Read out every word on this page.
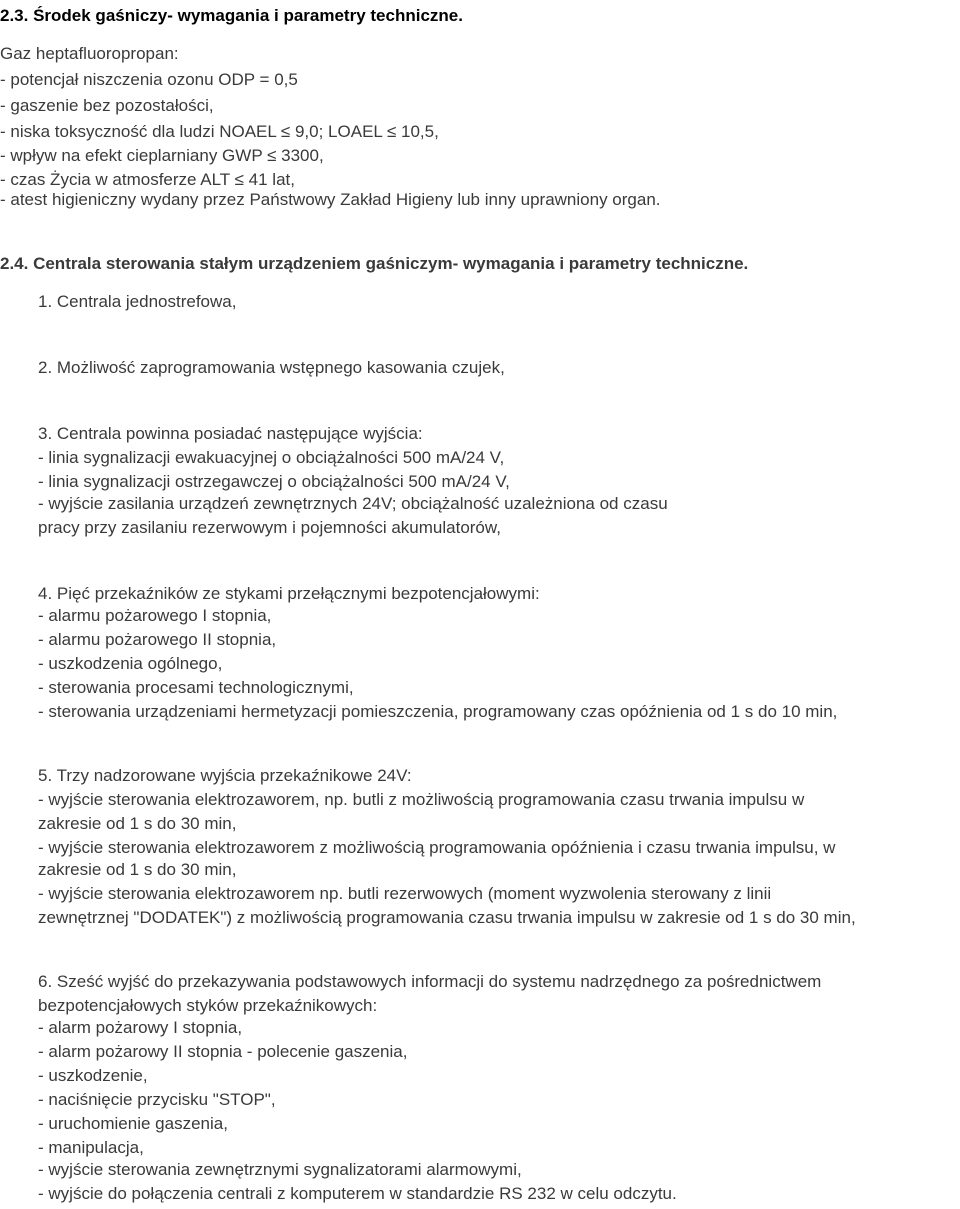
2.3. Środek gaśniczy- wymagania i parametry techniczne.
Gaz heptafluoropropan:
- potencjał niszczenia ozonu ODP = 0,5
- gaszenie bez pozostałości,
- niska toksyczność dla ludzi NOAEL ≤ 9,0; LOAEL ≤ 10,5,
- wpływ na efekt cieplarniany GWP ≤ 3300,
- czas Życia w atmosferze ALT ≤ 41 lat,
- atest higieniczny wydany przez Państwowy Zakład Higieny lub inny uprawniony organ.
2.4. Centrala sterowania stałym urządzeniem gaśniczym- wymagania i parametry techniczne.
1. Centrala jednostrefowa,
2. Możliwość zaprogramowania wstępnego kasowania czujek,
3. Centrala powinna posiadać następujące wyjścia:
- linia sygnalizacji ewakuacyjnej o obciążalności 500 mA/24 V,
- linia sygnalizacji ostrzegawczej o obciążalności 500 mA/24 V,
- wyjście zasilania urządzeń zewnętrznych 24V; obciążalność uzależniona od czasu
pracy przy zasilaniu rezerwowym i pojemności akumulatorów,
4. Pięć przekaźników ze stykami przełącznymi bezpotencjałowymi:
- alarmu pożarowego I stopnia,
- alarmu pożarowego II stopnia,
- uszkodzenia ogólnego,
- sterowania procesami technologicznymi,
- sterowania urządzeniami hermetyzacji pomieszczenia, programowany czas opóźnienia od 1 s do 10 min,
5. Trzy nadzorowane wyjścia przekaźnikowe 24V:
- wyjście sterowania elektrozaworem, np. butli z możliwością programowania czasu trwania impulsu w
zakresie od 1 s do 30 min,
- wyjście sterowania elektrozaworem z możliwością programowania opóźnienia i czasu trwania impulsu, w
zakresie od 1 s do 30 min,
- wyjście sterowania elektrozaworem np. butli rezerwowych (moment wyzwolenia sterowany z linii
zewnętrznej "DODATEK") z możliwością programowania czasu trwania impulsu w zakresie od 1 s do 30 min,
6. Sześć wyjść do przekazywania podstawowych informacji do systemu nadrzędnego za pośrednictwem
bezpotencjałowych styków przekaźnikowych:
- alarm pożarowy I stopnia,
- alarm pożarowy II stopnia - polecenie gaszenia,
- uszkodzenie,
- naciśnięcie przycisku "STOP",
- uruchomienie gaszenia,
- manipulacja,
- wyjście sterowania zewnętrznymi sygnalizatorami alarmowymi,
- wyjście do połączenia centrali z komputerem w standardzie RS 232 w celu odczytu.
